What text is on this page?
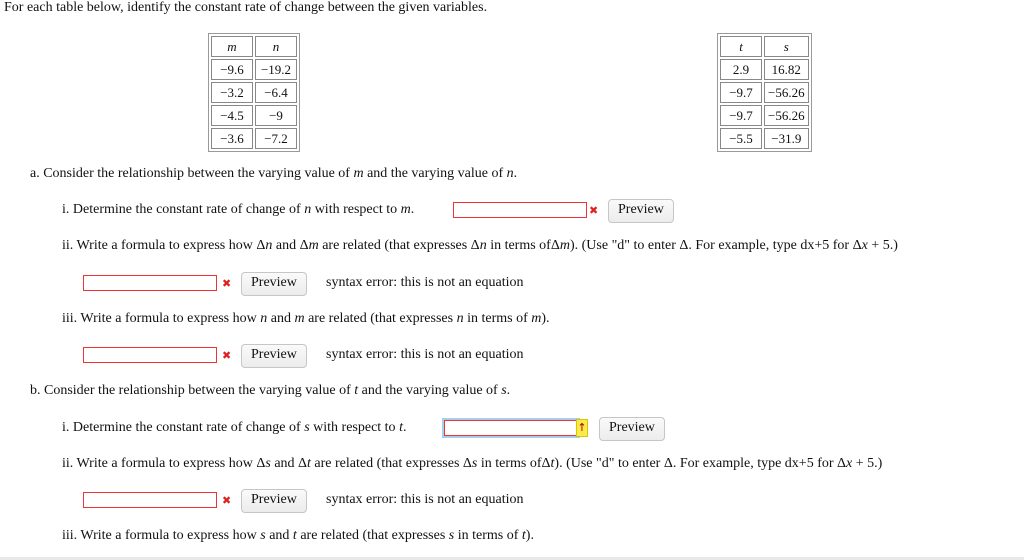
For each table below, identify the constant rate of change between the given variables.
m	n
−9.6	−19.2
−3.2	−6.4
−4.5	−9
−3.6	−7.2
t	s
2.9	16.82
−9.7	−56.26
−9.7	−56.26
−5.5	−31.9
a. Consider the relationship between the varying value of m and the varying value of n.
i. Determine the constant rate of change of n with respect to m.	✖	Preview
ii. Write a formula to express how Δn and Δm are related (that expresses Δn in terms ofΔm). (Use "d" to enter Δ. For example, type dx+5 for Δx + 5.)
✖	Preview	syntax error: this is not an equation
iii. Write a formula to express how n and m are related (that expresses n in terms of m).
✖	Preview	syntax error: this is not an equation
b. Consider the relationship between the varying value of t and the varying value of s.
i. Determine the constant rate of change of s with respect to t.	↑	Preview
ii. Write a formula to express how Δs and Δt are related (that expresses Δs in terms ofΔt). (Use "d" to enter Δ. For example, type dx+5 for Δx + 5.)
✖	Preview	syntax error: this is not an equation
iii. Write a formula to express how s and t are related (that expresses s in terms of t).
